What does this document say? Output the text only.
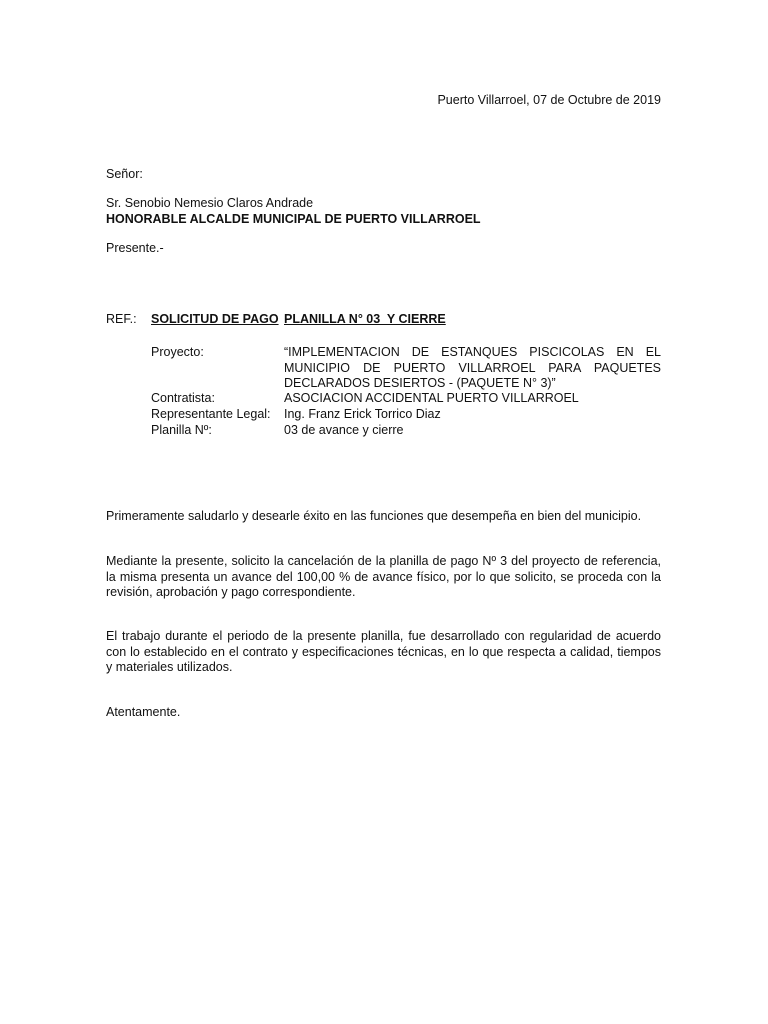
Puerto Villarroel, 07 de Octubre de 2019
Señor:
Sr. Senobio Nemesio Claros Andrade
HONORABLE ALCALDE MUNICIPAL DE PUERTO VILLARROEL
Presente.-
REF.: SOLICITUD DE PAGO PLANILLA N° 03  Y CIERRE
Proyecto:	“IMPLEMENTACION DE ESTANQUES PISCICOLAS EN EL MUNICIPIO DE PUERTO VILLARROEL PARA PAQUETES DECLARADOS DESIERTOS - (PAQUETE N° 3)”
Contratista:	ASOCIACION ACCIDENTAL PUERTO VILLARROEL
Representante Legal: Ing. Franz Erick Torrico Diaz
Planilla Nº:	03 de avance y cierre
Primeramente saludarlo y desearle éxito en las funciones que desempeña en bien del municipio.
Mediante la presente, solicito la cancelación de la planilla de pago Nº 3 del proyecto de referencia, la misma presenta un avance del 100,00 % de avance físico, por lo que solicito, se proceda con la revisión, aprobación y pago correspondiente.
El trabajo durante el periodo de la presente planilla, fue desarrollado con regularidad de acuerdo con lo establecido en el contrato y especificaciones técnicas, en lo que respecta a calidad, tiempos y materiales utilizados.
Atentamente.
